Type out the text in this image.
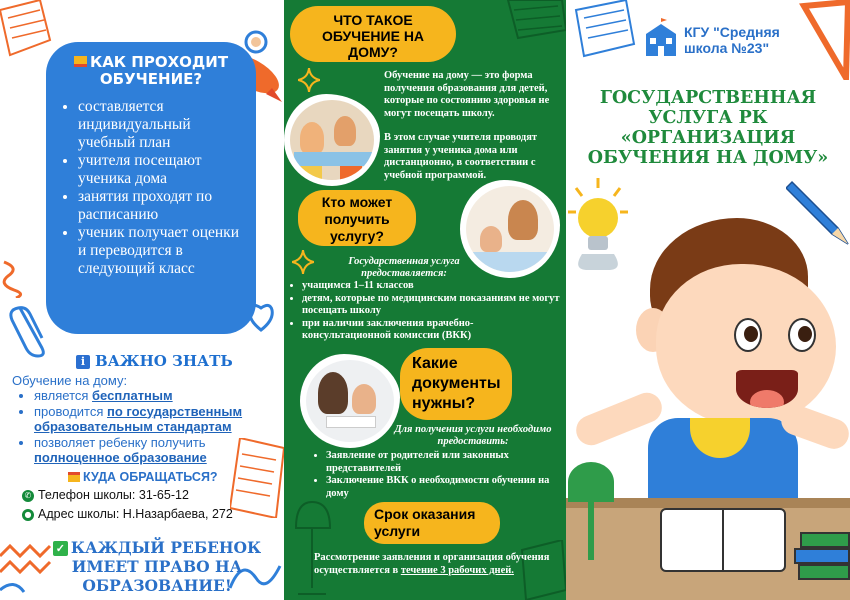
КАК ПРОХОДИТ ОБУЧЕНИЕ?
• составляется индивидуальный учебный план
• учителя посещают ученика дома
• занятия проходят по расписанию
• ученик получает оценки и переводится в следующий класс
i ВАЖНО ЗНАТЬ
Обучение на дому:
• является бесплатным
• проводится по государственным образовательным стандартам
• позволяет ребенку получить полноценное образование
КУДА ОБРАЩАТЬСЯ?
✆ Телефон школы: 31-65-12
● Адрес школы: Н.Назарбаева, 272
✓ КАЖДЫЙ РЕБЕНОК ИМЕЕТ ПРАВО НА ОБРАЗОВАНИЕ!
ЧТО ТАКОЕ ОБУЧЕНИЕ НА ДОМУ?
Обучение на дому — это форма получения образования для детей, которые по состоянию здоровья не могут посещать школу.
В этом случае учителя проводят занятия у ученика дома или дистанционно, в соответствии с учебной программой.
Кто может получить услугу?
Государственная услуга предоставляется:
• учащимся 1–11 классов
• детям, которые по медицинским показаниям не могут посещать школу
• при наличии заключения врачебно-консультационной комиссии (ВКК)
Какие документы нужны?
Для получения услуги необходимо предоставить:
• Заявление от родителей или законных представителей
• Заключение ВКК о необходимости обучения на дому
Срок оказания услуги
Рассмотрение заявления и организация обучения осуществляется в течение 3 рабочих дней.
КГУ "Средняя школа №23"
ГОСУДАРСТВЕННАЯ УСЛУГА РК «ОРГАНИЗАЦИЯ ОБУЧЕНИЯ НА ДОМУ»
